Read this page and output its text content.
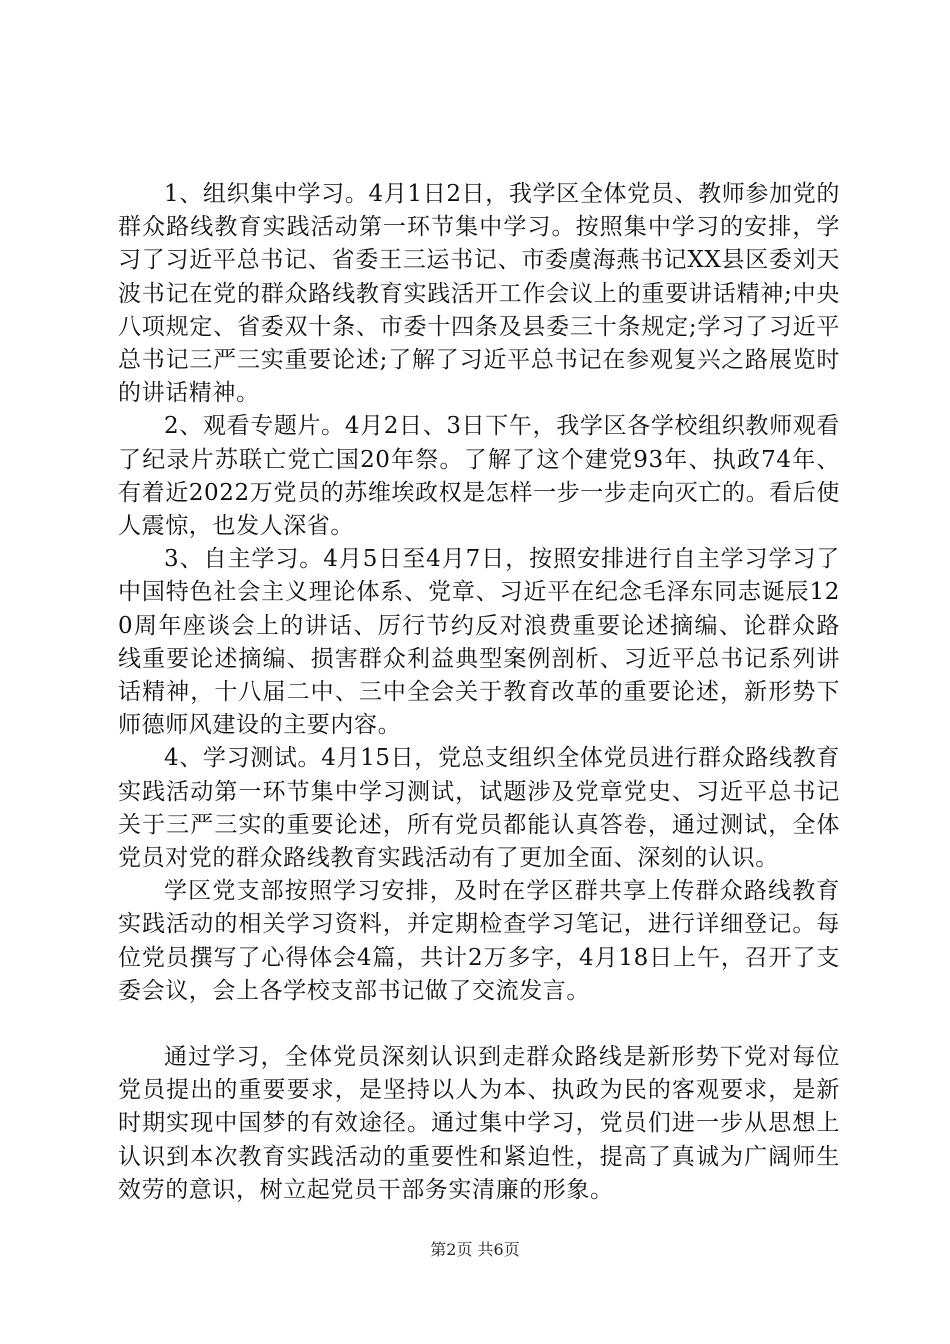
1、组织集中学习。4月1日2日，我学区全体党员、教师参加党的群众路线教育实践活动第一环节集中学习。按照集中学习的安排，学习了习近平总书记、省委王三运书记、市委虞海燕书记XX县区委刘天波书记在党的群众路线教育实践活开工作会议上的重要讲话精神;中央八项规定、省委双十条、市委十四条及县委三十条规定;学习了习近平总书记三严三实重要论述;了解了习近平总书记在参观复兴之路展览时的讲话精神。

2、观看专题片。4月2日、3日下午，我学区各学校组织教师观看了纪录片苏联亡党亡国20年祭。了解了这个建党93年、执政74年、有着近2022万党员的苏维埃政权是怎样一步一步走向灭亡的。看后使人震惊，也发人深省。

3、自主学习。4月5日至4月7日，按照安排进行自主学习学习了中国特色社会主义理论体系、党章、习近平在纪念毛泽东同志诞辰120周年座谈会上的讲话、厉行节约反对浪费重要论述摘编、论群众路线重要论述摘编、损害群众利益典型案例剖析、习近平总书记系列讲话精神，十八届二中、三中全会关于教育改革的重要论述，新形势下师德师风建设的主要内容。

4、学习测试。4月15日，党总支组织全体党员进行群众路线教育实践活动第一环节集中学习测试，试题涉及党章党史、习近平总书记关于三严三实的重要论述，所有党员都能认真答卷，通过测试，全体党员对党的群众路线教育实践活动有了更加全面、深刻的认识。

学区党支部按照学习安排，及时在学区群共享上传群众路线教育实践活动的相关学习资料，并定期检查学习笔记，进行详细登记。每位党员撰写了心得体会4篇，共计2万多字，4月18日上午，召开了支委会议，会上各学校支部书记做了交流发言。

通过学习，全体党员深刻认识到走群众路线是新形势下党对每位党员提出的重要要求，是坚持以人为本、执政为民的客观要求，是新时期实现中国梦的有效途径。通过集中学习，党员们进一步从思想上认识到本次教育实践活动的重要性和紧迫性，提高了真诚为广阔师生效劳的意识，树立起党员干部务实清廉的形象。

第2页 共6页
